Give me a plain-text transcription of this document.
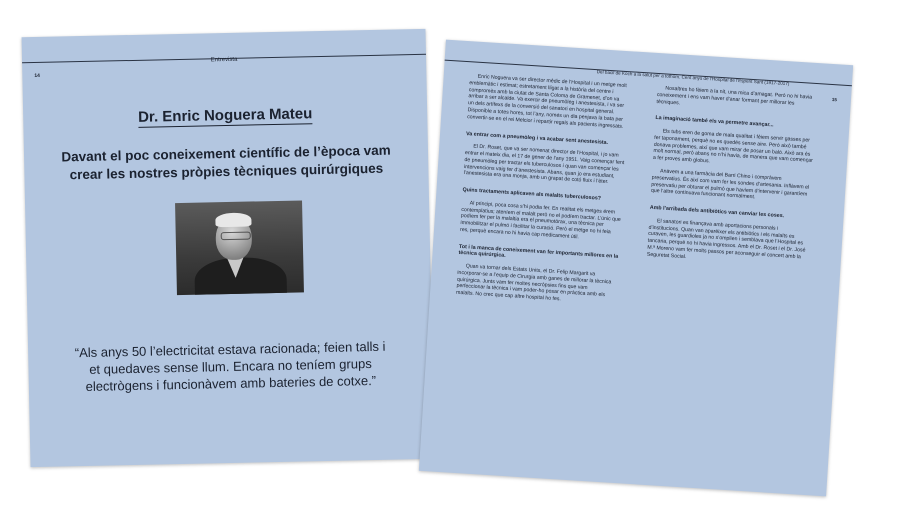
Entrevista
14
Dr. Enric Noguera Mateu
Davant el poc coneixement científic de l’època vam crear les nostres pròpies tècniques quirúrgiques
“Als anys 50 l’electricitat estava racionada; feien talls i et quedaves sense llum. Encara no teníem grups electrògens i funcionàvem amb bateries de cotxe.”
Del bacil de Koch a la salut per a tothom. Cent anys de l’Hospital de l’Esperit Sant (1917-2017)
15

Enric Noguera va ser director mèdic de l’Hospital i un metge molt emblemàtic i estimat; estretament lligat a la història del centre i compromès amb la ciutat de Santa Coloma de Gramenet, d’on va arribar a ser alcalde. Va exercir de pneumòleg i anestesista, i va ser un dels artífexs de la conversió del sanatori en hospital general. Disponible a totes hores, tot l’any, només un dia penjava la bata per convertir-se en el rei Melcior i repartir regals als pacients ingressats.

Va entrar com a pneumòleg i va acabar sent anestesista.

El Dr. Roset, que va ser nomenat director de l’Hospital, i jo vam entrar el mateix dia, el 17 de gener de l’any 1951. Vaig començar fent de pneumòleg per tractar els tuberculosos i quan van començar les intervencions vaig fer d’anestesista. Abans, quan jo era estudiant, l’anestesista era una monja, amb un grapat de cotó fluix i l’èter.

Quins tractaments aplicaven als malalts tuberculosos?

Al principi, poca cosa s’hi podia fer. En realitat els metges érem contemplatius; ateníem el malalt però no el podíem tractar. L’únic que podíem fer per la malaltia era el pneumotòrax, una tècnica per immobilitzar el pulmó i facilitar la curació. Però el metge no hi feia res, perquè encara no hi havia cap medicament útil.

Tot i la manca de coneixement van fer importants millores en la tècnica quirúrgica.

Quan va tornar dels Estats Units, el Dr. Felip Margarit va incorporar-se a l’equip de Cirurgia amb ganes de millorar la tècnica quirúrgica. Junts vam fer moltes necròpsies fins que vam perfeccionar la tècnica i vam poder-ho posar en pràctica amb els malalts. No crec que cap altre hospital ho fes.

Nosaltres ho fèiem a la nit, una mica d’amagat. Però no hi havia coneixement i ens vam haver d’anar formant per millorar les tècniques.

La imaginació també els va permetre avançar...

Els tubs eren de goma de mala qualitat i fèiem servir gasses per fer taponament, perquè no es quedés sense aire. Però això també donava problemes, així que vam mirar de posar un baló. Això ara és molt normal, però abans no n’hi havia, de manera que vam començar a fer proves amb globus.

Anàvem a una farmàcia del Barri Chino i compràvem preservatius. És així com vam fer les sondes d’artesania. Inflàvem el preservatiu per obturar el pulmó que havíem d’intervenir i garantíem que l’altre continuava funcionant normalment.

Amb l’arribada dels antibiòtics van canviar les coses.

El sanatori es finançava amb aportacions personals i d’institucions. Quan van aparèixer els antibiòtics i els malalts es curaven, les guardioles ja no s’omplien i semblava que l’Hospital es tancaria, perquè no hi havia ingressos. Amb el Dr. Roset i el Dr. José M.ª Moreno vam fer molts passos per aconseguir el concert amb la Seguretat Social.
